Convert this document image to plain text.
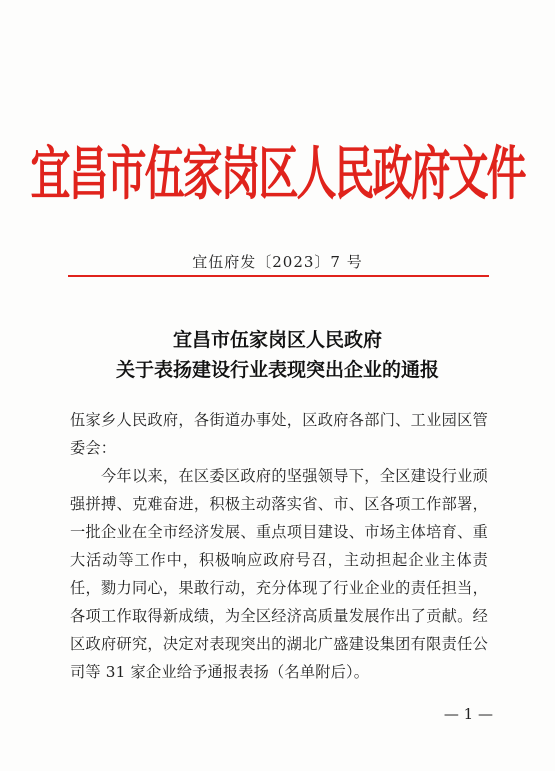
宜昌市伍家岗区人民政府文件
宜伍府发〔2023〕7 号
宜昌市伍家岗区人民政府
关于表扬建设行业表现突出企业的通报
伍家乡人民政府，各街道办事处，区政府各部门、工业园区管委会：
今年以来，在区委区政府的坚强领导下，全区建设行业顽强拼搏、克难奋进，积极主动落实省、市、区各项工作部署，一批企业在全市经济发展、重点项目建设、市场主体培育、重大活动等工作中，积极响应政府号召，主动担起企业主体责任，勠力同心，果敢行动，充分体现了行业企业的责任担当，各项工作取得新成绩，为全区经济高质量发展作出了贡献。经区政府研究，决定对表现突出的湖北广盛建设集团有限责任公司等 31 家企业给予通报表扬（名单附后）。
— 1 —
